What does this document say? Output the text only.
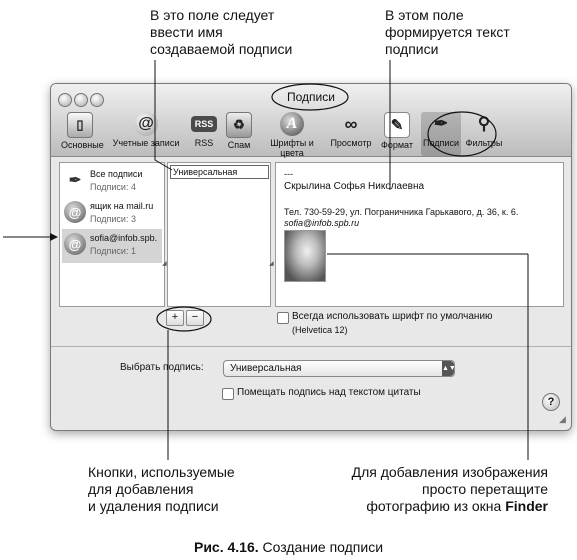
В это поле следует
ввести имя
создаваемой подписи
В этом поле
формируется текст
подписи
Кнопки, используемые
для добавления
и удаления подписи
Для добавления изображения
просто перетащите
фотографию из окна Finder
Рис. 4.16. Создание подписи
Подписи
▯
Основные
@
Учетные записи
RSS
RSS
♻
Спам
A
Шрифты и цвета
∞
Просмотр
✎
Формат
✒
Подписи
⚲
Фильтры
✒ Все подписи
Подписи: 4
@ ящик на mail.ru
Подписи: 3
@ sofia@infob.spb.
Подписи: 1
◢
Универсальная
◢
---
Скрылина Софья Николаевна
Тел. 730-59-29, ул. Пограничника Гарькавого, д. 36, к. 6.
sofia@infob.spb.ru
+	−	Всегда использовать шрифт по умолчанию
(Helvetica 12)
Выбрать подпись:	Универсальная	▲▼
Помещать подпись над текстом цитаты
?
◢
